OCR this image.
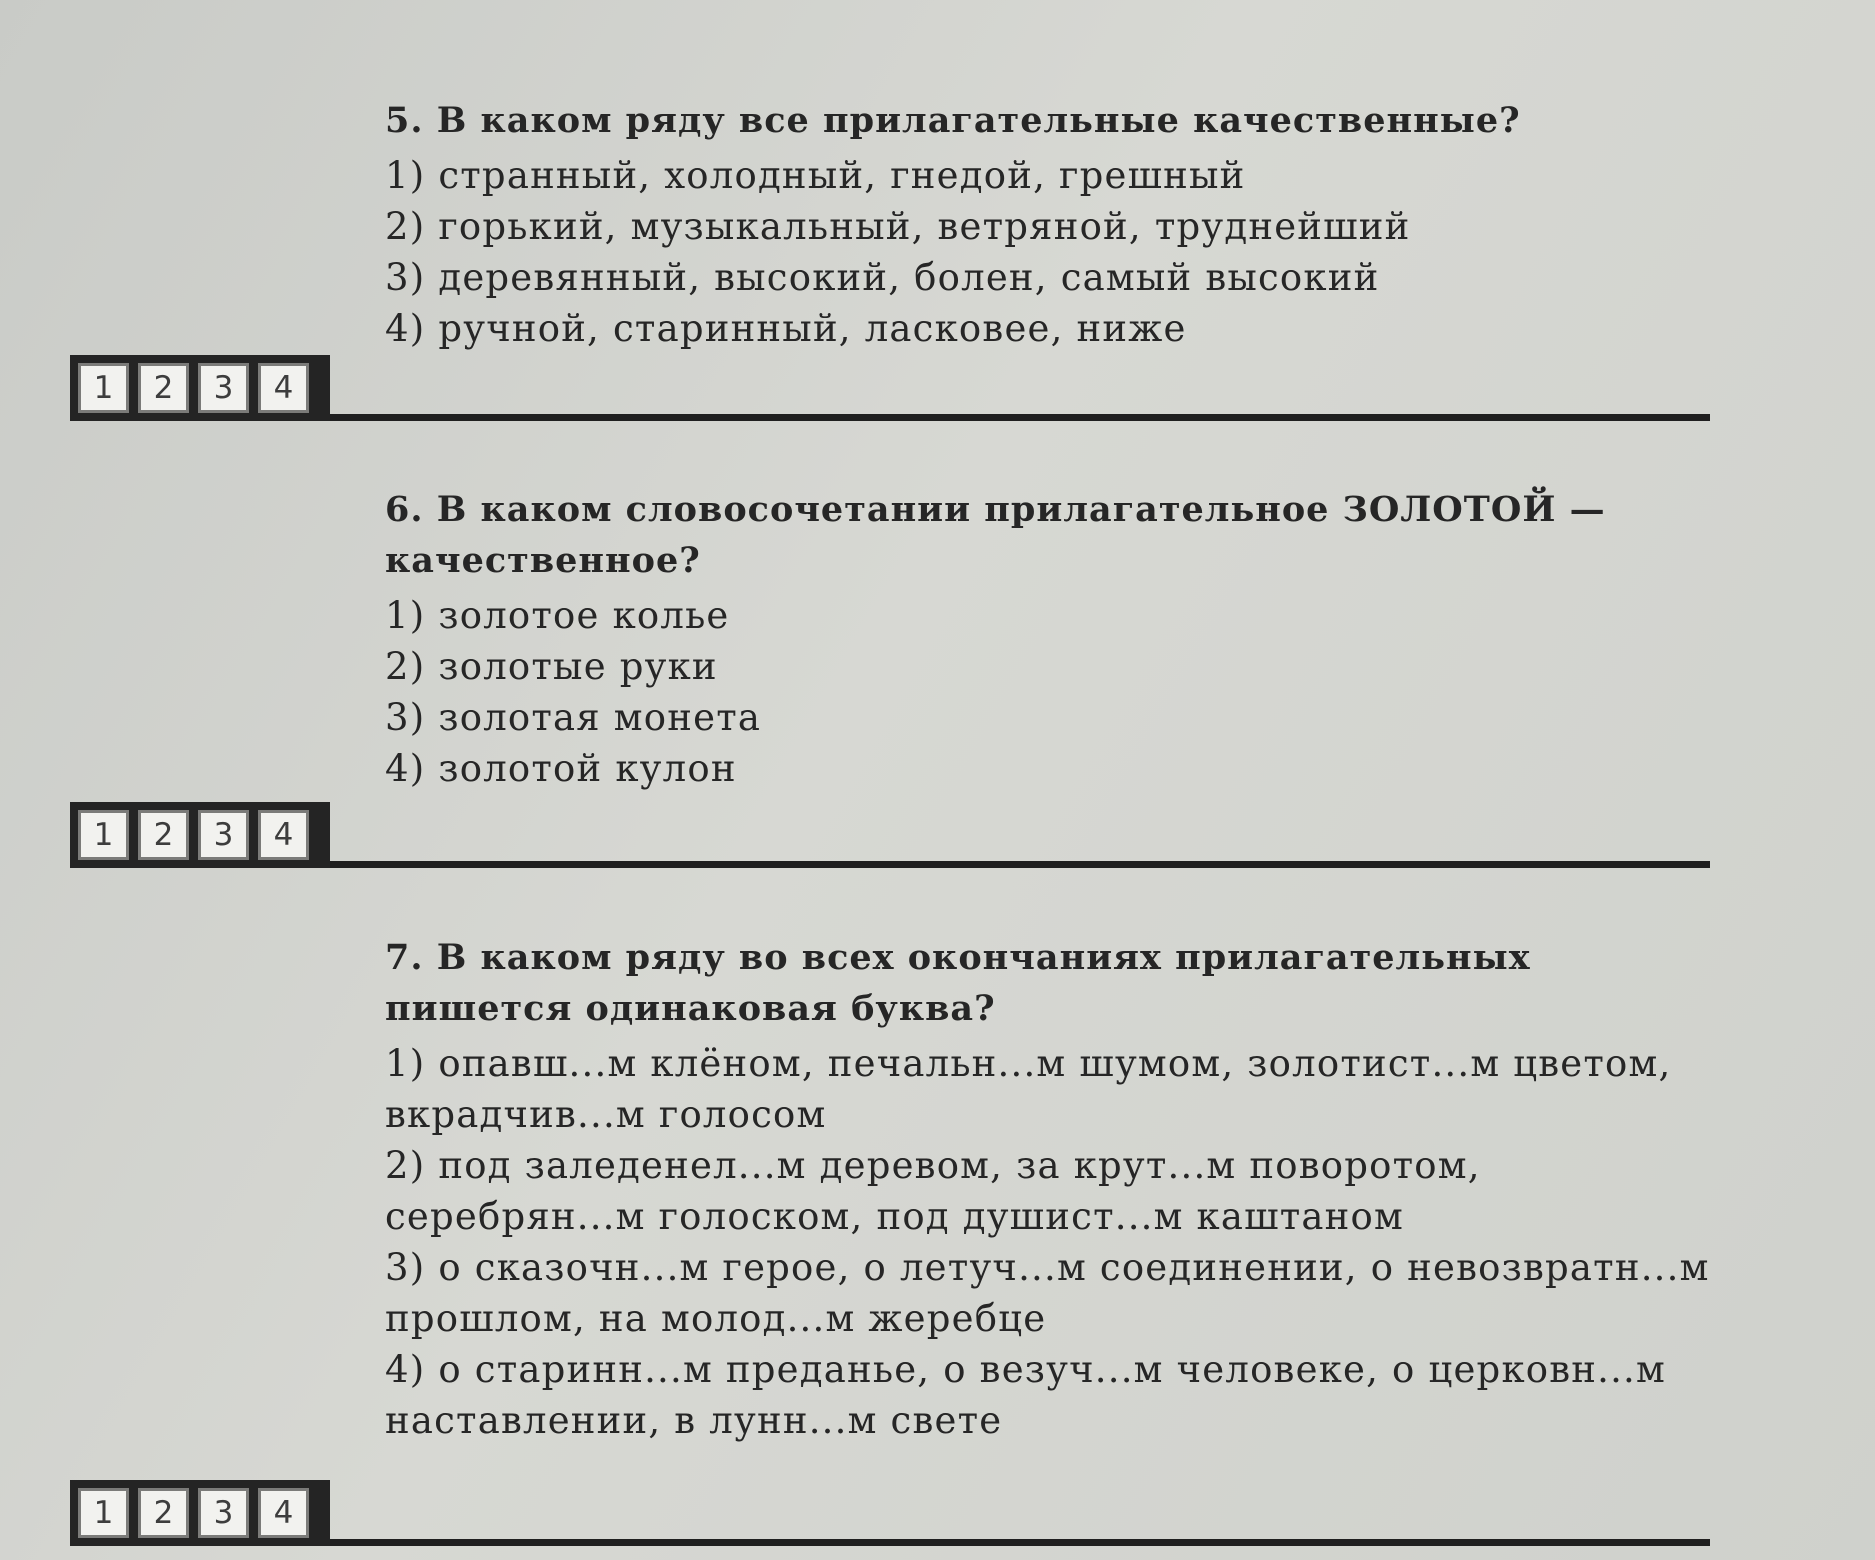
5. В каком ряду все прилагательные качественные?
1) странный, холодный, гнедой, грешный
2) горький, музыкальный, ветряной, труднейший
3) деревянный, высокий, болен, самый высокий
4) ручной, старинный, ласковее, ниже
1	2	3	4
6. В каком словосочетании прилагательное ЗОЛОТОЙ — качественное?
1) золотое колье
2) золотые руки
3) золотая монета
4) золотой кулон
1	2	3	4
7. В каком ряду во всех окончаниях прилагательных пишется одинаковая буква?
1) опавш...м клёном, печальн...м шумом, золотист...м цветом, вкрадчив...м голосом
2) под заледенел...м деревом, за крут...м поворотом, серебрян...м голоском, под душист...м каштаном
3) о сказочн...м герое, о летуч...м соединении, о невозвратн...м прошлом, на молод...м жеребце
4) о старинн...м преданье, о везуч...м человеке, о церковн...м наставлении, в лунн...м свете
1	2	3	4
